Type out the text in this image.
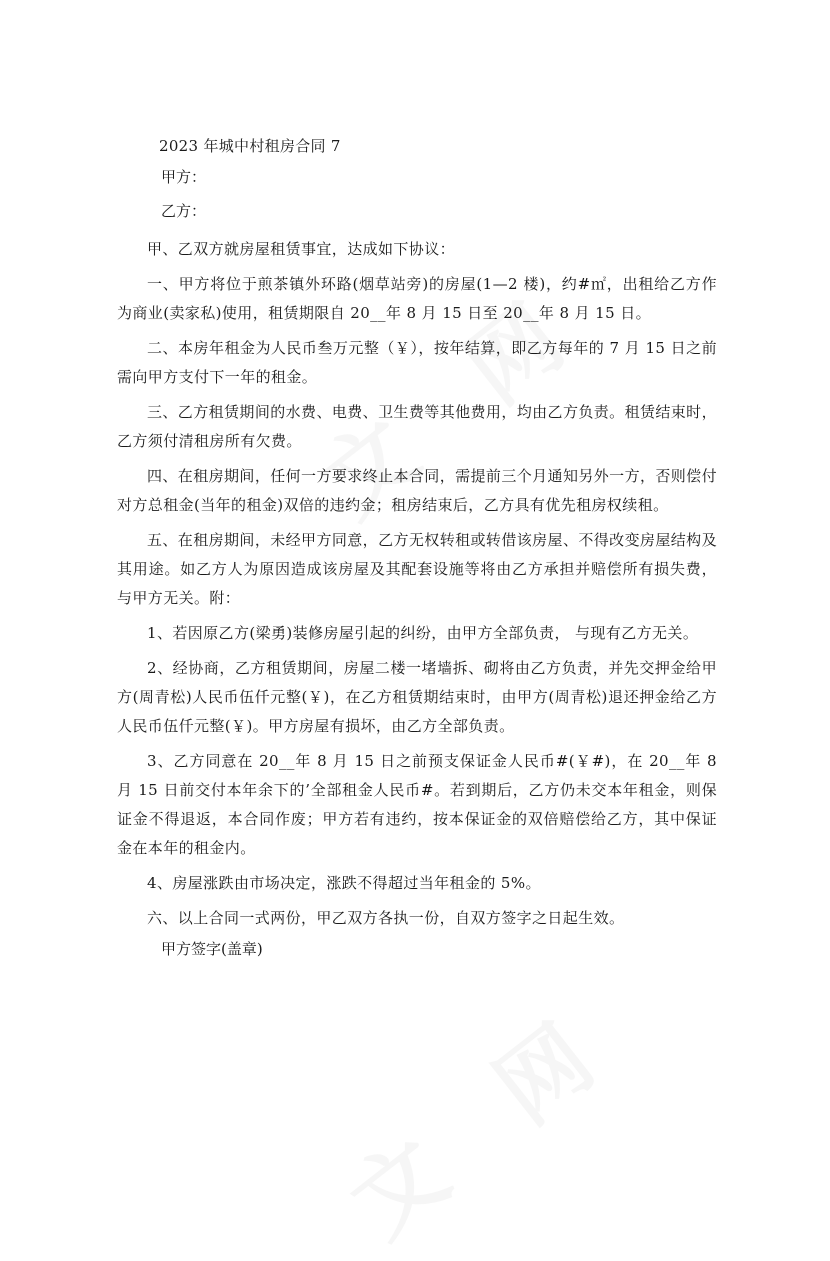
2023 年城中村租房合同 7
甲方：
乙方：

甲、乙双方就房屋租赁事宜，达成如下协议：

一、甲方将位于煎茶镇外环路(烟草站旁)的房屋(1—2 楼)，约#㎡，出租给乙方作为商业(卖家私)使用，租赁期限自 20__年 8 月 15 日至 20__年 8 月 15 日。

二、本房年租金为人民币叁万元整（￥），按年结算，即乙方每年的 7 月 15 日之前需向甲方支付下一年的租金。

三、乙方租赁期间的水费、电费、卫生费等其他费用，均由乙方负责。租赁结束时，乙方须付清租房所有欠费。

四、在租房期间，任何一方要求终止本合同，需提前三个月通知另外一方，否则偿付对方总租金(当年的租金)双倍的违约金；租房结束后，乙方具有优先租房权续租。

五、在租房期间，未经甲方同意，乙方无权转租或转借该房屋、不得改变房屋结构及其用途。如乙方人为原因造成该房屋及其配套设施等将由乙方承担并赔偿所有损失费， 与甲方无关。附：

1、若因原乙方(梁勇)装修房屋引起的纠纷，由甲方全部负责， 与现有乙方无关。

2、经协商，乙方租赁期间，房屋二楼一堵墙拆、砌将由乙方负责，并先交押金给甲方(周青松)人民币伍仟元整(￥)，在乙方租赁期结束时，由甲方(周青松)退还押金给乙方人民币伍仟元整(￥)。甲方房屋有损坏，由乙方全部负责。

3、乙方同意在 20__年 8 月 15 日之前预支保证金人民币#(￥#)，在 20__年 8 月 15 日前交付本年余下的’全部租金人民币#。若到期后，乙方仍未交本年租金，则保证金不得退返，本合同作废；甲方若有违约，按本保证金的双倍赔偿给乙方，其中保证金在本年的租金内。

4、房屋涨跌由市场决定，涨跌不得超过当年租金的 5%。

六、以上合同一式两份，甲乙双方各执一份，自双方签字之日起生效。

甲方签字(盖章)
